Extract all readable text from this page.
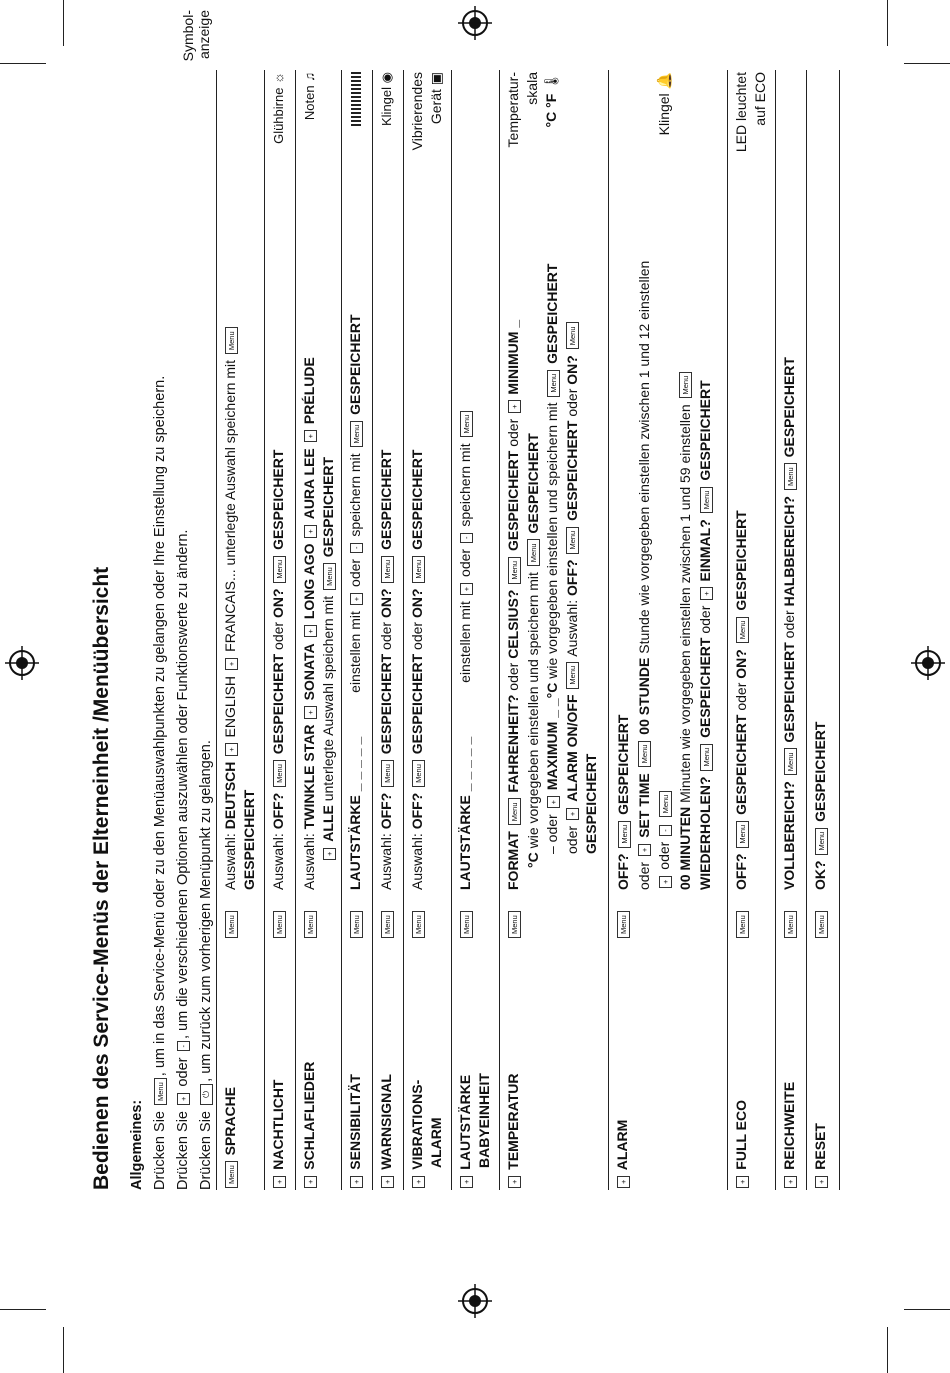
Bedienen des Service-Menüs der Elterneinheit /Menüübersicht Allgemeines: Drücken Sie Menu, um in das Service-Menü oder zu den Menüauswahlpunkten zu gelangen oder Ihre Einstellung zu speichern.
Drücken Sie + oder -, um die verschiedenen Optionen auszuwählen oder Funktionswerte zu ändern.
Drücken Sie ⏻, um zurück zum vorherigen Menüpunkt zu gelangen.
Symbol- anzeige
Menu SPRACHE
Menu
Auswahl: DEUTSCH + ENGLISH + FRANCAIS... unterlegte Auswahl speichern mit Menu
GESPEICHERT
+ NACHTLICHT
Menu
Auswahl: OFF? Menu GESPEICHERT oder ON? Menu GESPEICHERT
Glühbirne ☼
+ SCHLAFLIEDER
Menu
Auswahl: TWINKLE STAR + SONATA + LONG AGO + AURA LEE + PRÉLUDE
+ ALLE unterlegte Auswahl speichern mit Menu GESPEICHERT
Noten ♫
+ SENSIBILITÄT
Menu
LAUTSTÄRKE _ _ _ _ _ einstellen mit + oder - speichern mit Menu GESPEICHERT
+ WARNSIGNAL
Menu
Auswahl: OFF? Menu GESPEICHERT oder ON? Menu GESPEICHERT
Klingel ◉
+ VIBRATIONS- ALARM
Menu
Auswahl: OFF? Menu GESPEICHERT oder ON? Menu GESPEICHERT
Vibrierendes Gerät ▣
+ LAUTSTÄRKE BABYEINHEIT
Menu
LAUTSTÄRKE _ _ _ _ _ einstellen mit + oder - speichern mit Menu
+ TEMPERATUR
Menu
FORMAT Menu FAHRENHEIT? oder CELSIUS? Menu GESPEICHERT oder + MINIMUM _
°C wie vorgegeben einstellen und speichern mit Menu GESPEICHERT
– oder + MAXIMUM _ _°C wie vorgegeben einstellen und speichern mit Menu GESPEICHERT
oder + ALARM ON/OFF Menu Auswahl: OFF? Menu GESPEICHERT oder ON? Menu
GESPEICHERT
Temperatur- skala
°C °F 🌡
+ ALARM
Menu
OFF? Menu GESPEICHERT
oder + SET TIME Menu 00 STUNDE Stunde wie vorgegeben einstellen zwischen 1 und 12 einstellen
+ oder - Menu
00 MINUTEN Minuten wie vorgegeben einstellen zwischen 1 und 59 einstellen Menu
WIEDERHOLEN? Menu GESPEICHERT oder + EINMAL? Menu GESPEICHERT
Klingel 🔔
+ FULL ECO
Menu
OFF? Menu GESPEICHERT oder ON? Menu GESPEICHERT
LED leuchtet auf ECO
+ REICHWEITE
Menu
VOLLBEREICH? Menu GESPEICHERT oder HALBBEREICH? Menu GESPEICHERT
+ RESET
Menu
OK? Menu GESPEICHERT
